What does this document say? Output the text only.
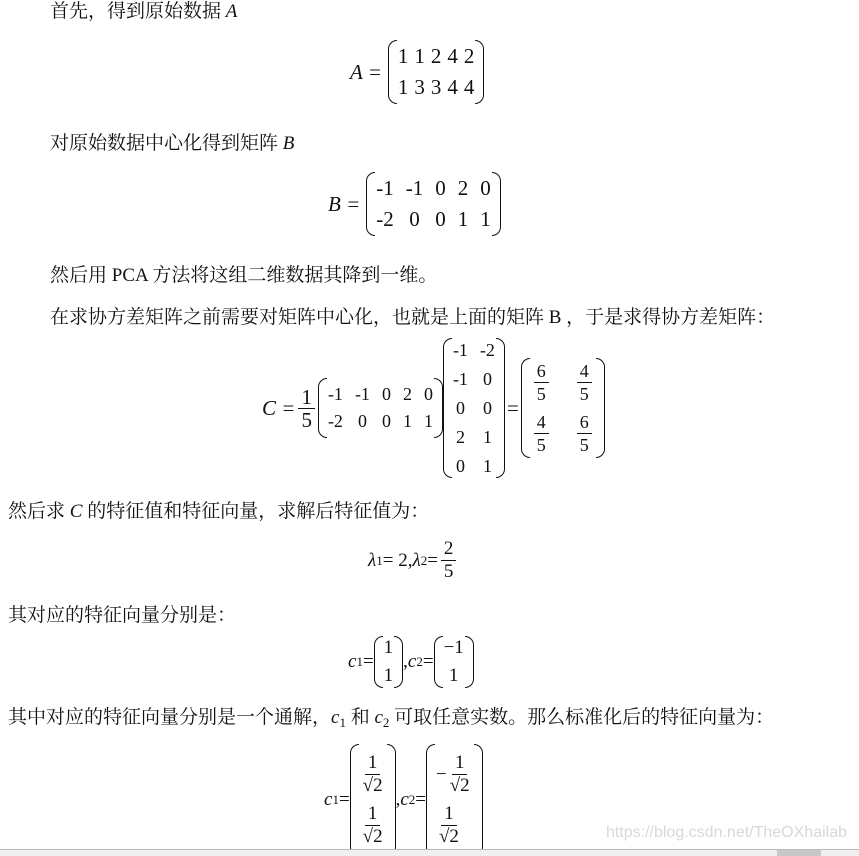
首先，得到原始数据 A
A =
1 1 2 4 2
1 3 3 4 4
对原始数据中心化得到矩阵 B
B =
-1 -1 0 2 0
-2 0 0 1 1
然后用 PCA 方法将这组二维数据其降到一维。
在求协方差矩阵之前需要对矩阵中心化，也就是上面的矩阵 B ，于是求得协方差矩阵：
$C = \frac{1}{5} -1$ -1 0 2 0
-2 0 0 1 1
-1 -2
-1 0
0 0
2 1
0 1
=
$\frac{6}{5} \frac{4}{5}$
$\frac{4}{5} \frac{6}{5}$
然后求 C 的特征值和特征向量，求解后特征值为：
λ 1 = 2, λ $2 = \frac{2}{5}$
其对应的特征向量分别是：
c 1 =
1
1
, c 2 =
−1
1
其中对应的特征向量分别是一个通解，$c_1$ 和 $c_2$ 可取任意实数。那么标准化后的特征向量为：
c 1 =
$\frac{1}{√2}$
$\frac{1}{√2}$
, c 2 =
− $\frac{1}{√2}$
$\frac{1}{√2}$	https://blog.csdn.net/TheOXhailab
